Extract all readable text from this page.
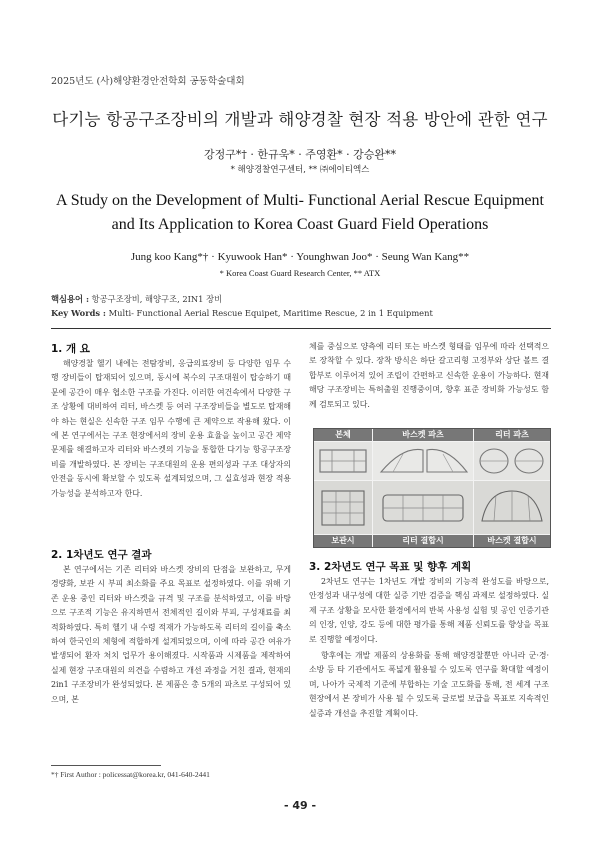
2025년도 (사)해양환경안전학회 공동학술대회
다기능 항공구조장비의 개발과 해양경찰 현장 적용 방안에 관한 연구
강정구*† · 한규욱* · 주영환* · 강승완**
* 해양경찰연구센터, ** ㈜에이티엑스
A Study on the Development of Multi- Functional Aerial Rescue Equipment
and Its Application to Korea Coast Guard Field Operations
Jung koo Kang*† · Kyuwook Han* · Younghwan Joo* · Seung Wan Kang**
* Korea Coast Guard Research Center, ** ATX
핵심용어 : 항공구조장비, 해양구조, 2IN1 장비
Key Words : Multi- Functional Aerial Rescue Equipet, Maritime Rescue, 2 in 1 Equipment
1. 개 요

해양경찰 헬기 내에는 전탐장비, 응급의료장비 등 다양한 임무 수행 장비들이 탑재되어 있으며, 동시에 복수의 구조대원이 탑승하기 때문에 공간이 매우 협소한 구조를 가진다. 이러한 여건속에서 다양한 구조 상황에 대비하여 리터, 바스켓 등 여러 구조장비들을 별도로 탑재해야 하는 현실은 신속한 구조 임무 수행에 큰 제약으로 작용해 왔다. 이에 본 연구에서는 구조 현장에서의 장비 운용 효율을 높이고 공간 제약 문제를 해결하고자 리터와 바스켓의 기능을 통합한 다기능 항공구조장비를 개발하였다. 본 장비는 구조대원의 운용 편의성과 구조 대상자의 안전을 동시에 확보할 수 있도록 설계되었으며, 그 실효성과 현장 적용 가능성을 분석하고자 한다.

2. 1차년도 연구 결과

본 연구에서는 기존 리터와 바스켓 장비의 단점을 보완하고, 무게 경량화, 보관 시 부피 최소화를 주요 목표로 설정하였다. 이를 위해 기존 운용 중인 리터와 바스켓을 규격 및 구조를 분석하였고, 이를 바탕으로 구조적 기능은 유지하면서 전체적인 길이와 부피, 구성재료를 최적화하였다. 특히 헬기 내 수령 적재가 가능하도록 리터의 길이를 축소하여 한국인의 체형에 적합하게 설계되었으며, 이에 따라 공간 여유가 발생되어 환자 처치 업무가 용이해졌다. 시작품과 시제품을 제작하여 실제 현장 구조대원의 의견을 수렴하고 개선 과정을 거친 결과, 현재의 2in1 구조장비가 완성되었다. 본 제품은 총 5개의 파츠로 구성되어 있으며, 본

체를 중심으로 양측에 리터 또는 바스켓 형태를 임무에 따라 선택적으로 장착할 수 있다. 장착 방식은 하단 갈고리형 고정부와 상단 볼트 결합부로 이루어져 있어 조립이 간편하고 신속한 운용이 가능하다. 현재 해당 구조장비는 특허출원 진행중이며, 향후 표준 장비화 가능성도 함께 검토되고 있다.

본체	바스켓 파츠	리터 파츠
보관시	리터 결합시	바스켓 결합시
3. 2차년도 연구 목표 및 향후 계획

2차년도 연구는 1차년도 개발 장비의 기능적 완성도를 바탕으로, 안정성과 내구성에 대한 실증 기반 검증을 핵심 과제로 설정하였다. 실제 구조 상황을 모사한 환경에서의 반복 사용성 실험 및 공인 인증기관의 인장, 인양, 강도 등에 대한 평가를 통해 제품 신뢰도를 향상을 목표로 진행할 예정이다.

향후에는 개발 제품의 상용화를 통해 해양경찰뿐만 아니라 군·경·소방 등 타 기관에서도 폭넓게 활용될 수 있도록 연구를 확대할 예정이며, 나아가 국제적 기준에 부합하는 기술 고도화를 통해, 전 세계 구조 현장에서 본 장비가 사용 될 수 있도록 글로벌 보급을 목표로 지속적인 실증과 개선을 추진할 계획이다.

*† First Author : policessat@korea.kr, 041-640-2441
- 49 -
